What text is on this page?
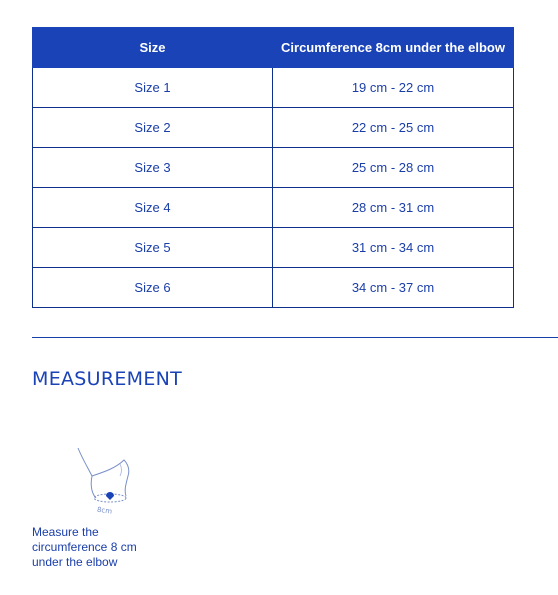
Size	Circumference 8cm under the elbow
Size 1	19 cm - 22 cm
Size 2	22 cm - 25 cm
Size 3	25 cm - 28 cm
Size 4	28 cm - 31 cm
Size 5	31 cm - 34 cm
Size 6	34 cm - 37 cm
MEASUREMENT
8cm

Measure the circumference 8 cm under the elbow
